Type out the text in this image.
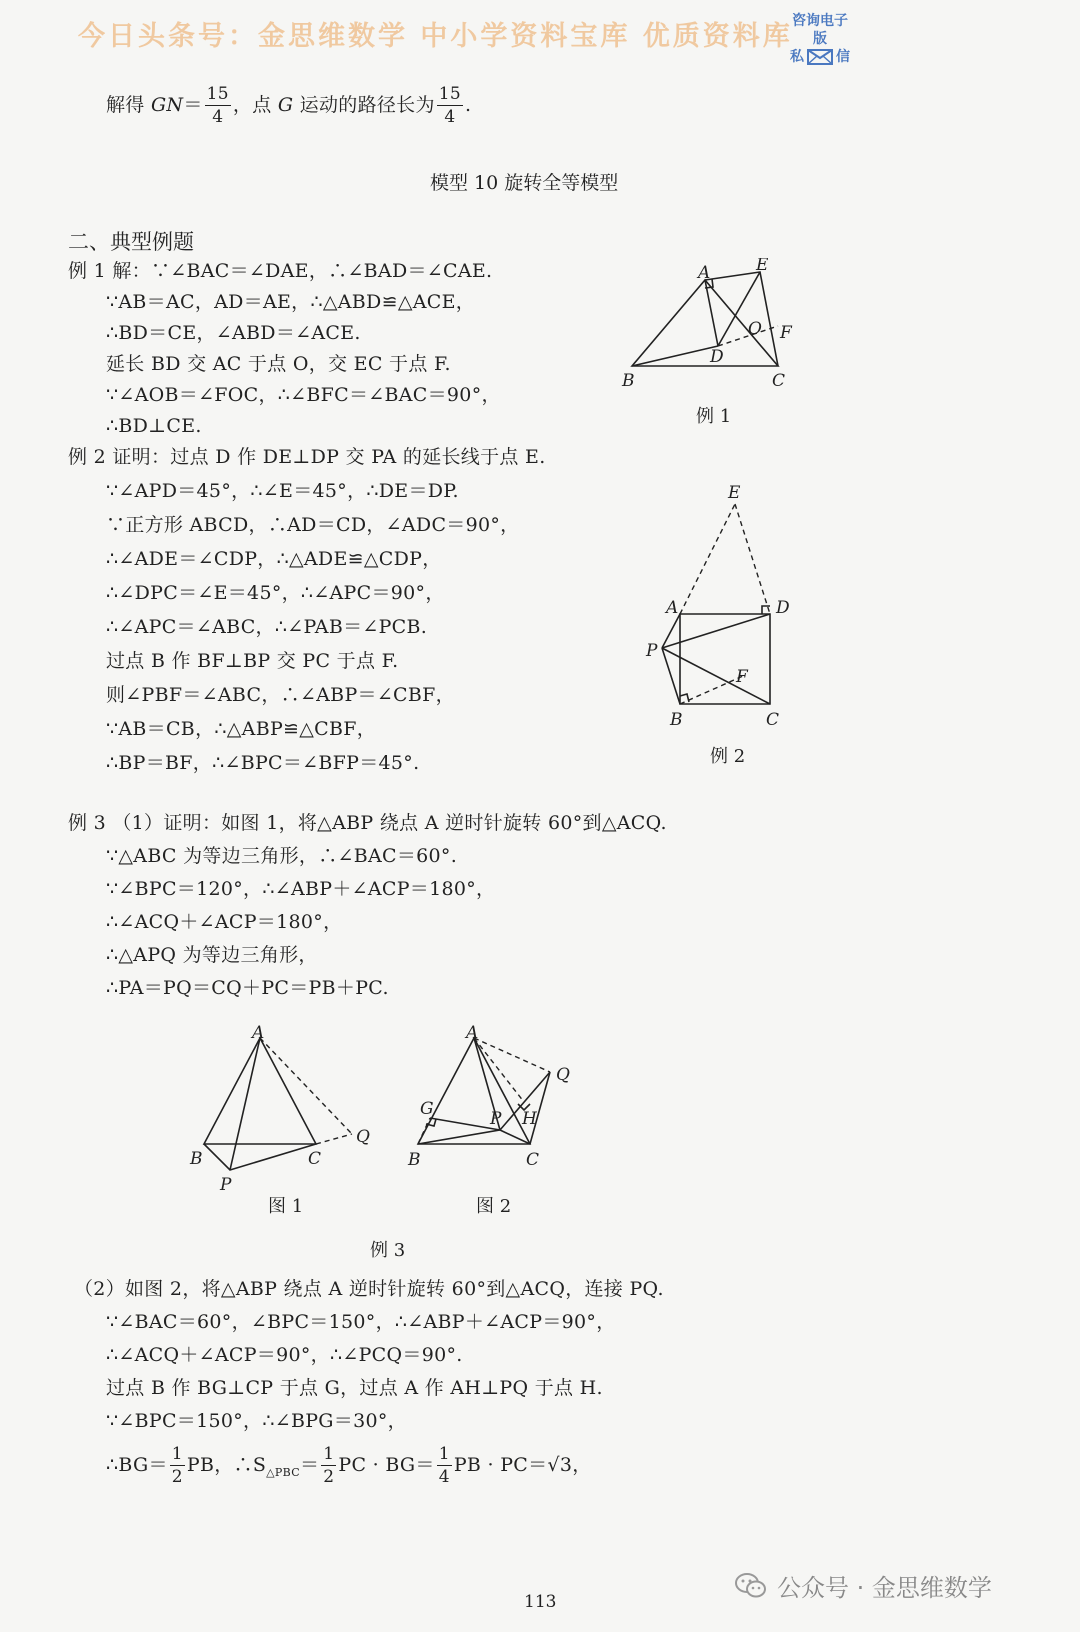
今日头条号：金思维数学 中小学资料宝库 优质资料库 咨询电子版
私 信
解得 $GN= \frac{15}{4}$ ，点 G 运动的路径长为 $\frac{15}{4}$ .
模型 10 旋转全等模型
二、典型例题
例 1 解：∵∠BAC＝∠DAE，∴∠BAD＝∠CAE.
∵AB＝AC，AD＝AE，∴△ABD≌△ACE，
∴BD＝CE，∠ABD＝∠ACE.
延长 BD 交 AC 于点 O，交 EC 于点 F.
∵∠AOB＝∠FOC，∴∠BFC＝∠BAC＝90°，
∴BD⊥CE.
A	E
O F
D
B	C
例 1
例 2 证明：过点 D 作 DE⊥DP 交 PA 的延长线于点 E.
∵∠APD＝45°，∴∠E＝45°，∴DE＝DP.
∵正方形 ABCD，∴AD＝CD，∠ADC＝90°，
∴∠ADE＝∠CDP，∴△ADE≌△CDP，
∴∠DPC＝∠E＝45°，∴∠APC＝90°，
∴∠APC＝∠ABC，∴∠PAB＝∠PCB.
过点 B 作 BF⊥BP 交 PC 于点 F.
则∠PBF＝∠ABC，∴∠ABP＝∠CBF，
∵AB＝CB，∴△ABP≌△CBF，
∴BP＝BF，∴∠BPC＝∠BFP＝45°.
E
A	D
P
F
B	C
例 2
例 3 （1）证明：如图 1，将△ABP 绕点 A 逆时针旋转 60°到△ACQ.
∵△ABC 为等边三角形，∴∠BAC＝60°.
∵∠BPC＝120°，∴∠ABP＋∠ACP＝180°，
∴∠ACQ＋∠ACP＝180°，
∴△APQ 为等边三角形，
∴PA＝PQ＝CQ＋PC＝PB＋PC.
A
B	C
P
Q
图 1
A
G	P H
Q
B	C
图 2
例 3
（2）如图 2，将△ABP 绕点 A 逆时针旋转 60°到△ACQ，连接 PQ.
∵∠BAC＝60°，∠BPC＝150°，∴∠ABP＋∠ACP＝90°，
∴∠ACQ＋∠ACP＝90°，∴∠PCQ＝90°.
过点 B 作 BG⊥CP 于点 G，过点 A 作 AH⊥PQ 于点 H.
∵∠BPC＝150°，∴∠BPG＝30°，
∴BG＝ $\frac{1}{2}$ PB，$\therefore S_{\triangle PBC}= \frac{1}{2}$ PC · $BG= \frac{1}{4}$ PB · PC＝√3，
公众号 · 金思维数学
113
